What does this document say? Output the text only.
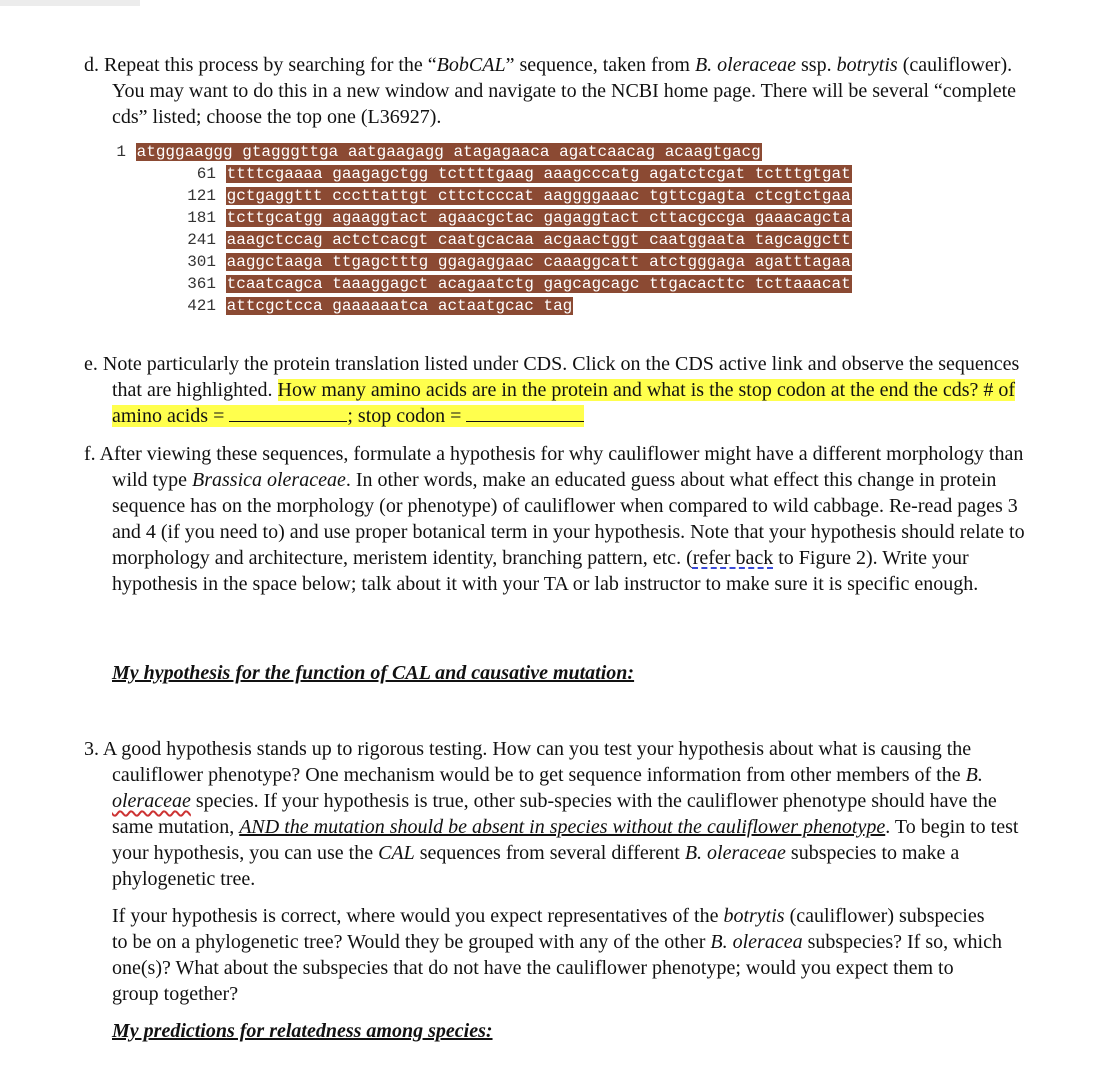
d. Repeat this process by searching for the “BobCAL” sequence, taken from B. oleraceae ssp. botrytis (cauliflower). You may want to do this in a new window and navigate to the NCBI home page. There will be several “complete cds” listed; choose the top one (L36927).

1 atgggaaggg gtagggttga aatgaagagg atagagaaca agatcaacag acaagtgacg
61 ttttcgaaaa gaagagctgg tcttttgaag aaagcccatg agatctcgat tctttgtgat
121 gctgaggttt cccttattgt cttctcccat aaggggaaac tgttcgagta ctcgtctgaa
181 tcttgcatgg agaaggtact agaacgctac gagaggtact cttacgccga gaaacagcta
241 aaagctccag actctcacgt caatgcacaa acgaactggt caatggaata tagcaggctt
301 aaggctaaga ttgagctttg ggagaggaac caaaggcatt atctgggaga agatttagaa
361 tcaatcagca taaaggagct acagaatctg gagcagcagc ttgacacttc tcttaaacat
421 attcgctcca gaaaaaatca actaatgcac tag

e. Note particularly the protein translation listed under CDS. Click on the CDS active link and observe the sequences that are highlighted. How many amino acids are in the protein and what is the stop codon at the end the cds? # of amino acids =	; stop codon =

f. After viewing these sequences, formulate a hypothesis for why cauliflower might have a different morphology than wild type Brassica oleraceae. In other words, make an educated guess about what effect this change in protein sequence has on the morphology (or phenotype) of cauliflower when compared to wild cabbage. Re-read pages 3 and 4 (if you need to) and use proper botanical term in your hypothesis. Note that your hypothesis should relate to morphology and architecture, meristem identity, branching pattern, etc. (refer back to Figure 2). Write your hypothesis in the space below; talk about it with your TA or lab instructor to make sure it is specific enough.

My hypothesis for the function of CAL and causative mutation:

3. A good hypothesis stands up to rigorous testing. How can you test your hypothesis about what is causing the cauliflower phenotype? One mechanism would be to get sequence information from other members of the B. oleraceae species. If your hypothesis is true, other sub-species with the cauliflower phenotype should have the same mutation, AND the mutation should be absent in species without the cauliflower phenotype. To begin to test your hypothesis, you can use the CAL sequences from several different B. oleraceae subspecies to make a phylogenetic tree.

If your hypothesis is correct, where would you expect representatives of the botrytis (cauliflower) subspecies to be on a phylogenetic tree? Would they be grouped with any of the other B. oleracea subspecies? If so, which one(s)? What about the subspecies that do not have the cauliflower phenotype; would you expect them to group together?

My predictions for relatedness among species:
